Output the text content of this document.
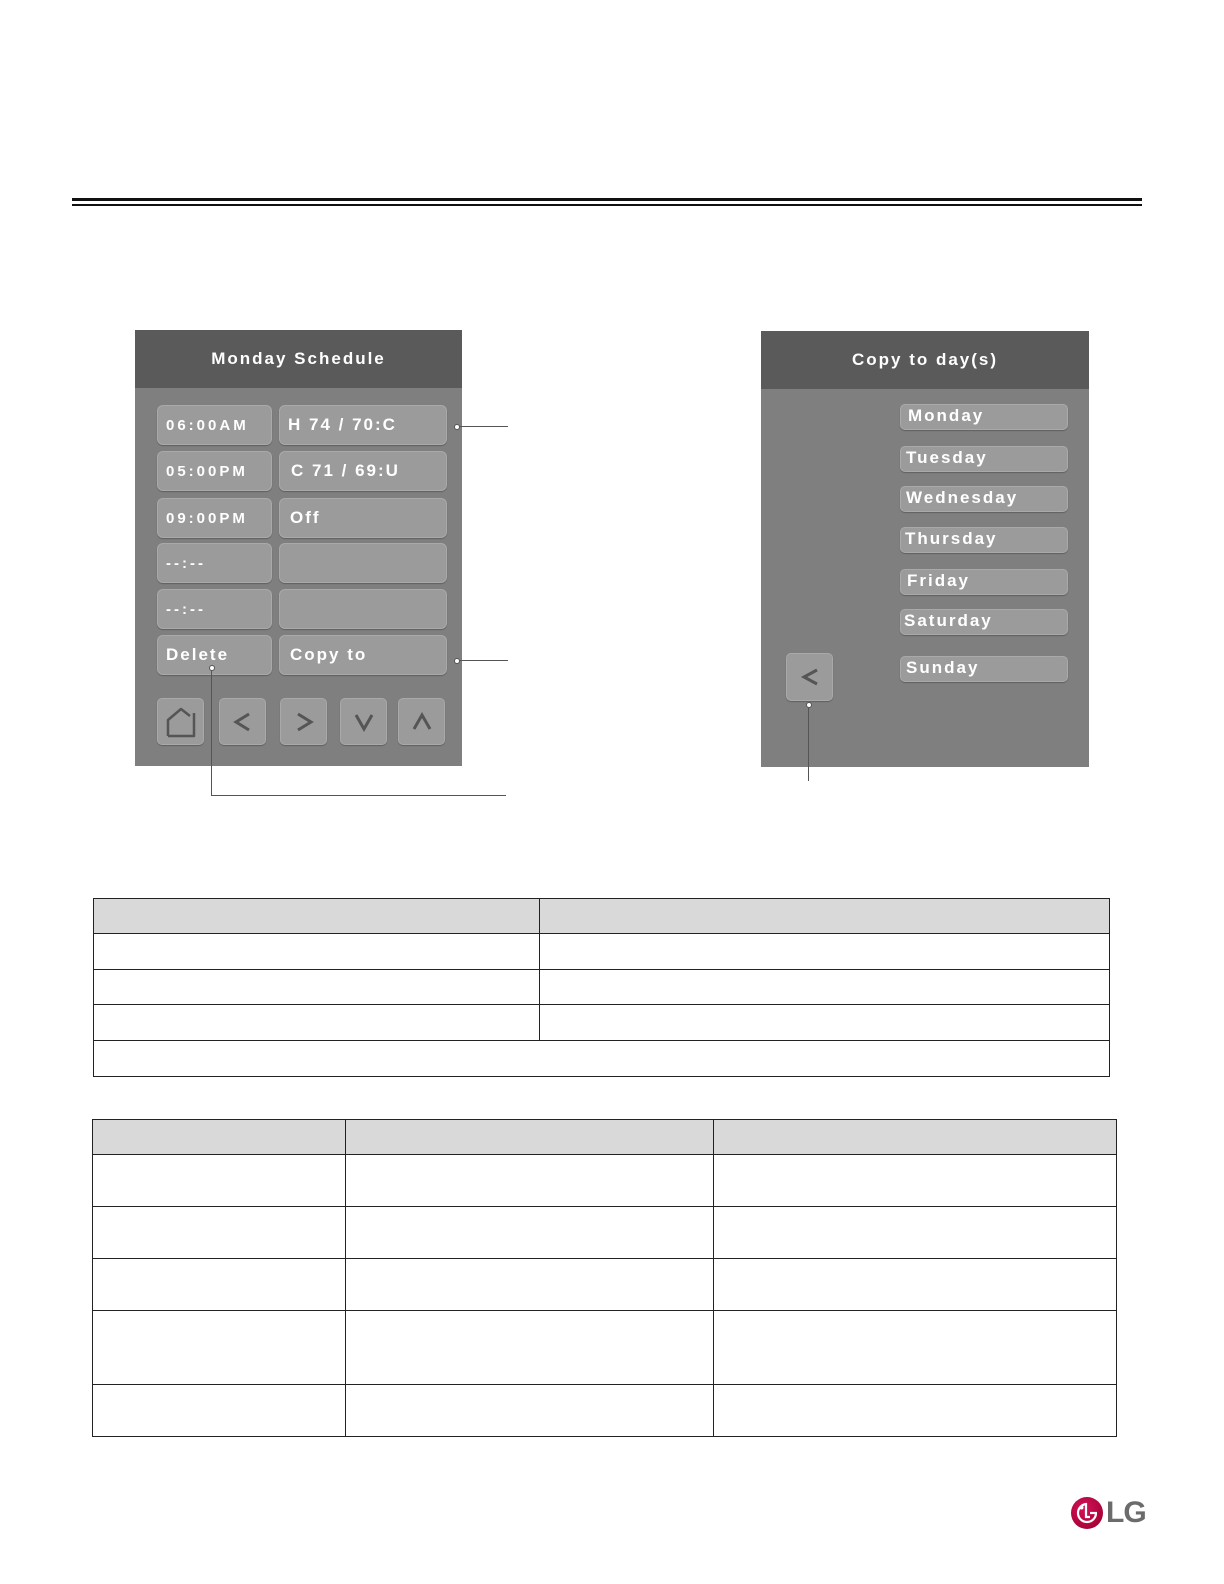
Monday Schedule
06:00AM	H 74 / 70:C
05:00PM	C 71 / 69:U
09:00PM	Off
--:--
--:--
Delete	Copy to
Copy to day(s)
Monday
Tuesday
Wednesday
Thursday
Friday
Saturday
Sunday

LG
